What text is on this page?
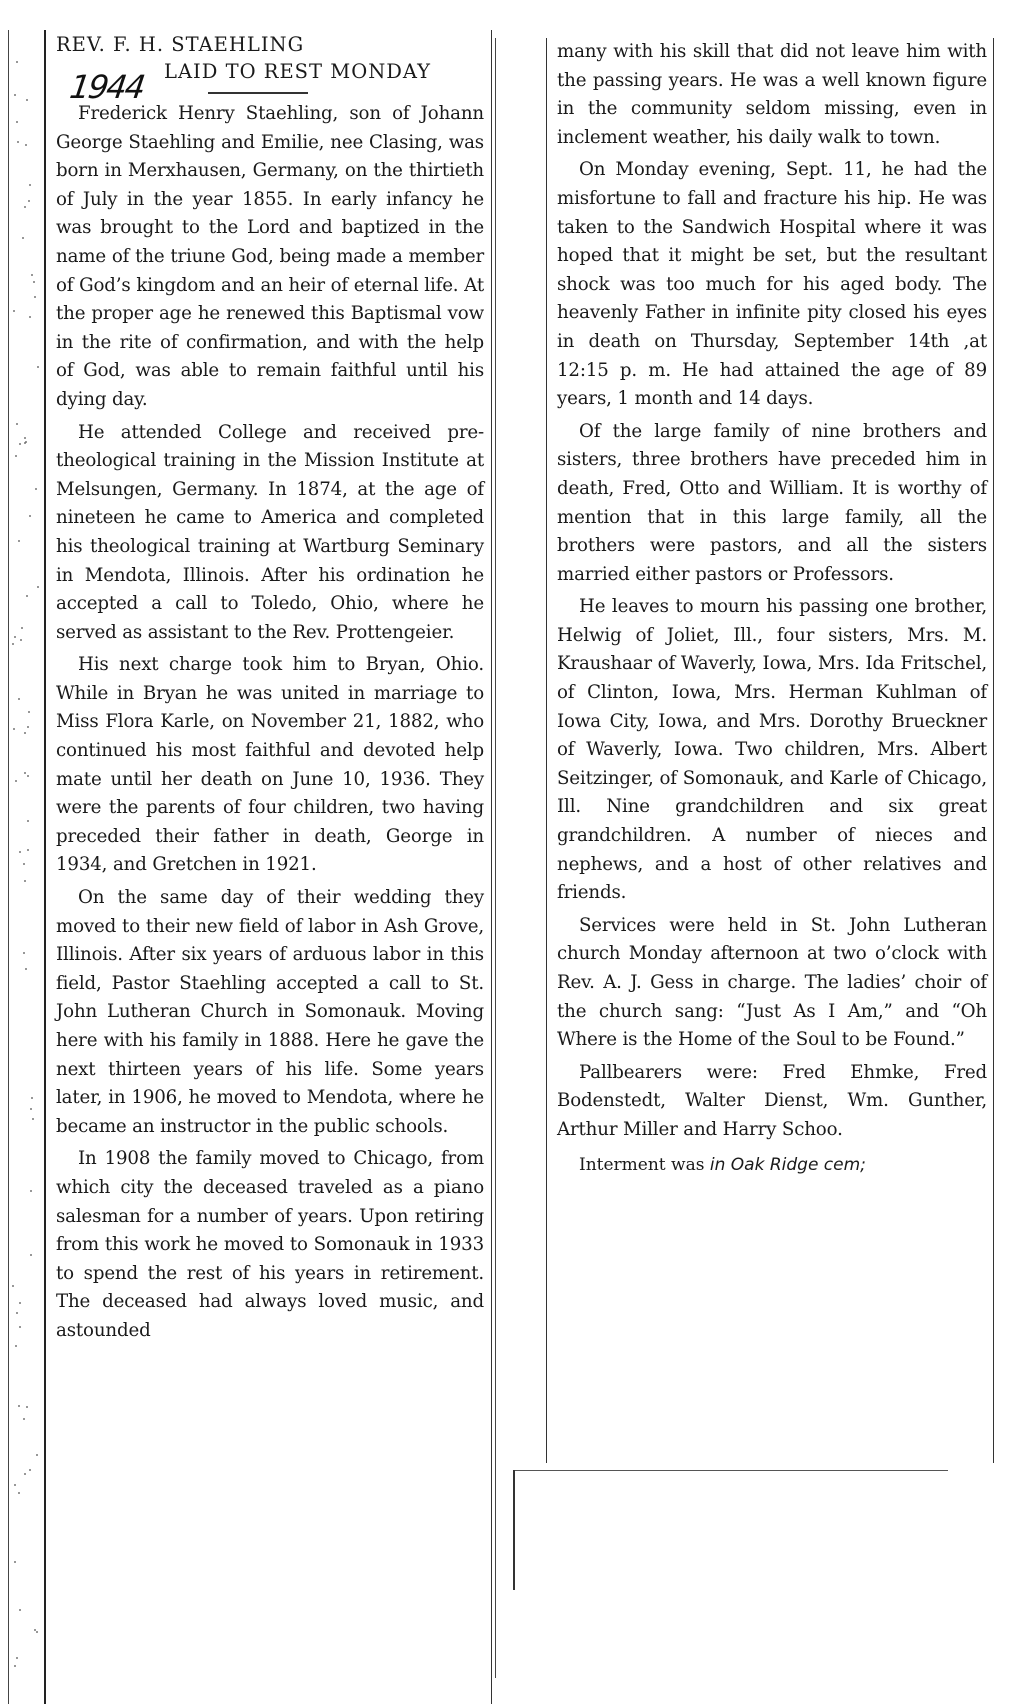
1944
REV. F. H. STAEHLING
LAID TO REST MONDAY

Frederick Henry Staehling, son of Johann George Staehling and Emilie, nee Clasing, was born in Merxhausen, Germany, on the thirtieth of July in the year 1855. In early infancy he was brought to the Lord and baptized in the name of the triune God, being made a member of God’s kingdom and an heir of eternal life. At the proper age he renewed this Baptismal vow in the rite of confirmation, and with the help of God, was able to remain faithful until his dying day.

He attended College and received pre-theological training in the Mission Institute at Melsungen, Germany. In 1874, at the age of nineteen he came to America and completed his theological training at Wartburg Seminary in Mendota, Illinois. After his ordination he accepted a call to Toledo, Ohio, where he served as assistant to the Rev. Prottengeier.

His next charge took him to Bryan, Ohio. While in Bryan he was united in marriage to Miss Flora Karle, on November 21, 1882, who continued his most faithful and devoted help mate until her death on June 10, 1936. They were the parents of four children, two having preceded their father in death, George in 1934, and Gretchen in 1921.

On the same day of their wedding they moved to their new field of labor in Ash Grove, Illinois. After six years of arduous labor in this field, Pastor Staehling accepted a call to St. John Lutheran Church in Somonauk. Moving here with his family in 1888. Here he gave the next thirteen years of his life. Some years later, in 1906, he moved to Mendota, where he became an instructor in the public schools.

In 1908 the family moved to Chicago, from which city the deceased traveled as a piano salesman for a number of years. Upon retiring from this work he moved to Somonauk in 1933 to spend the rest of his years in retirement. The deceased had always loved music, and astounded

many with his skill that did not leave him with the passing years. He was a well known figure in the community seldom missing, even in inclement weather, his daily walk to town.

On Monday evening, Sept. 11, he had the misfortune to fall and fracture his hip. He was taken to the Sandwich Hospital where it was hoped that it might be set, but the resultant shock was too much for his aged body. The heavenly Father in infinite pity closed his eyes in death on Thursday, September 14th ,at 12:15 p. m. He had attained the age of 89 years, 1 month and 14 days.

Of the large family of nine brothers and sisters, three brothers have preceded him in death, Fred, Otto and William. It is worthy of mention that in this large family, all the brothers were pastors, and all the sisters married either pastors or Professors.

He leaves to mourn his passing one brother, Helwig of Joliet, Ill., four sisters, Mrs. M. Kraushaar of Waverly, Iowa, Mrs. Ida Fritschel, of Clinton, Iowa, Mrs. Herman Kuhlman of Iowa City, Iowa, and Mrs. Dorothy Brueckner of Waverly, Iowa. Two children, Mrs. Albert Seitzinger, of Somonauk, and Karle of Chicago, Ill. Nine grandchildren and six great grandchildren. A number of nieces and nephews, and a host of other relatives and friends.

Services were held in St. John Lutheran church Monday afternoon at two o’clock with Rev. A. J. Gess in charge. The ladies’ choir of the church sang: “Just As I Am,” and “Oh Where is the Home of the Soul to be Found.”

Pallbearers were: Fred Ehmke, Fred Bodenstedt, Walter Dienst, Wm. Gunther, Arthur Miller and Harry Schoo.

Interment was in Oak Ridge cem;
